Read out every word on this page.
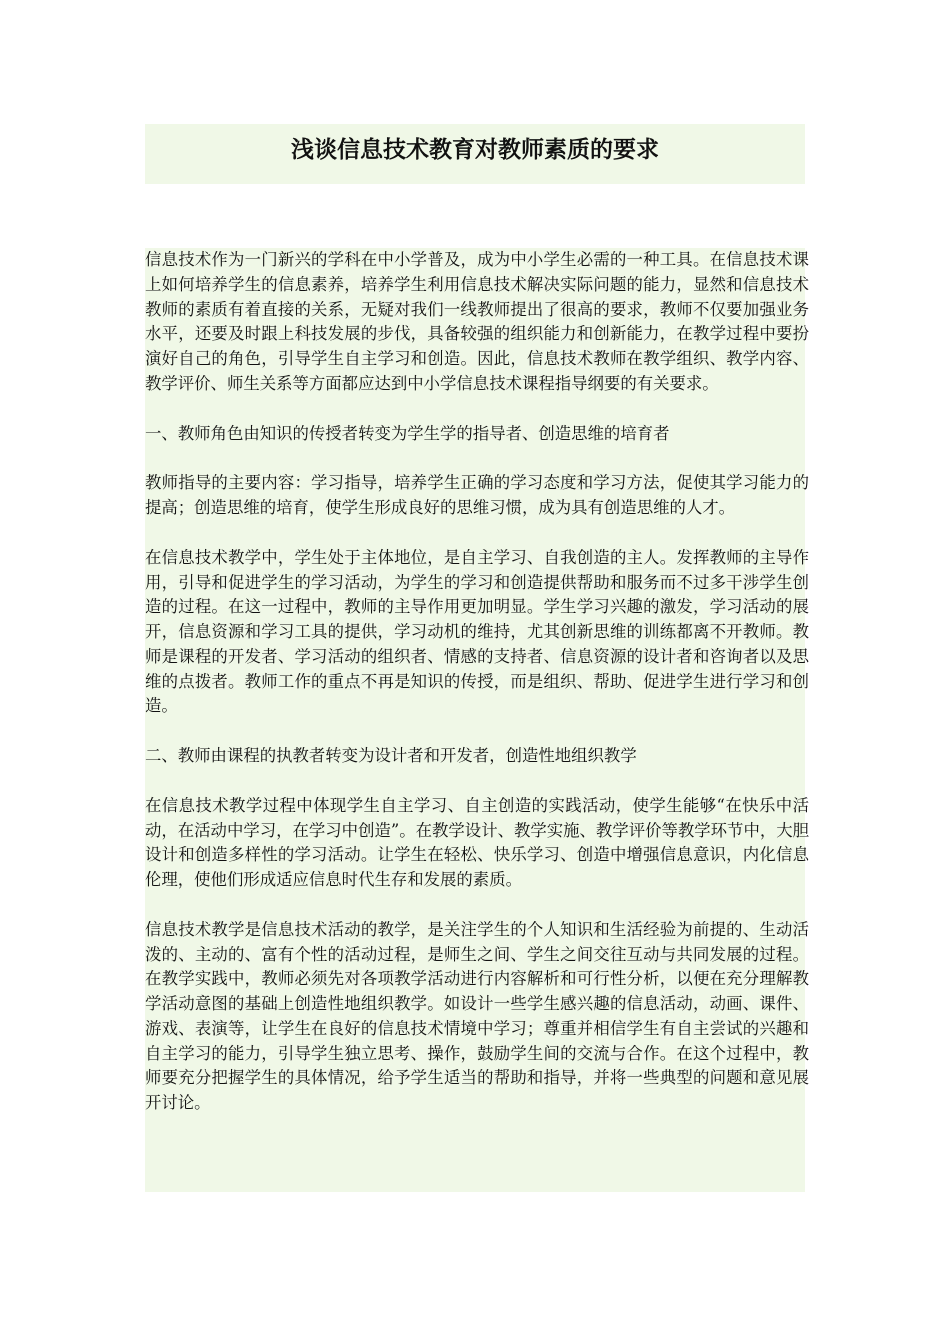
浅谈信息技术教育对教师素质的要求

信息技术作为一门新兴的学科在中小学普及，成为中小学生必需的一种工具。在信息技术课上如何培养学生的信息素养，培养学生利用信息技术解决实际问题的能力，显然和信息技术教师的素质有着直接的关系，无疑对我们一线教师提出了很高的要求，教师不仅要加强业务水平，还要及时跟上科技发展的步伐，具备较强的组织能力和创新能力，在教学过程中要扮演好自己的角色，引导学生自主学习和创造。因此，信息技术教师在教学组织、教学内容、教学评价、师生关系等方面都应达到中小学信息技术课程指导纲要的有关要求。

一、教师角色由知识的传授者转变为学生学的指导者、创造思维的培育者

教师指导的主要内容：学习指导，培养学生正确的学习态度和学习方法，促使其学习能力的提高；创造思维的培育，使学生形成良好的思维习惯，成为具有创造思维的人才。

在信息技术教学中，学生处于主体地位，是自主学习、自我创造的主人。发挥教师的主导作用，引导和促进学生的学习活动，为学生的学习和创造提供帮助和服务而不过多干涉学生创造的过程。在这一过程中，教师的主导作用更加明显。学生学习兴趣的激发，学习活动的展开，信息资源和学习工具的提供，学习动机的维持，尤其创新思维的训练都离不开教师。教师是课程的开发者、学习活动的组织者、情感的支持者、信息资源的设计者和咨询者以及思维的点拨者。教师工作的重点不再是知识的传授，而是组织、帮助、促进学生进行学习和创造。

二、教师由课程的执教者转变为设计者和开发者，创造性地组织教学

在信息技术教学过程中体现学生自主学习、自主创造的实践活动，使学生能够“在快乐中活动，在活动中学习，在学习中创造”。在教学设计、教学实施、教学评价等教学环节中，大胆设计和创造多样性的学习活动。让学生在轻松、快乐学习、创造中增强信息意识，内化信息伦理，使他们形成适应信息时代生存和发展的素质。

信息技术教学是信息技术活动的教学，是关注学生的个人知识和生活经验为前提的、生动活泼的、主动的、富有个性的活动过程，是师生之间、学生之间交往互动与共同发展的过程。在教学实践中，教师必须先对各项教学活动进行内容解析和可行性分析，以便在充分理解教学活动意图的基础上创造性地组织教学。如设计一些学生感兴趣的信息活动，动画、课件、游戏、表演等，让学生在良好的信息技术情境中学习；尊重并相信学生有自主尝试的兴趣和自主学习的能力，引导学生独立思考、操作，鼓励学生间的交流与合作。在这个过程中，教师要充分把握学生的具体情况，给予学生适当的帮助和指导，并将一些典型的问题和意见展开讨论。
